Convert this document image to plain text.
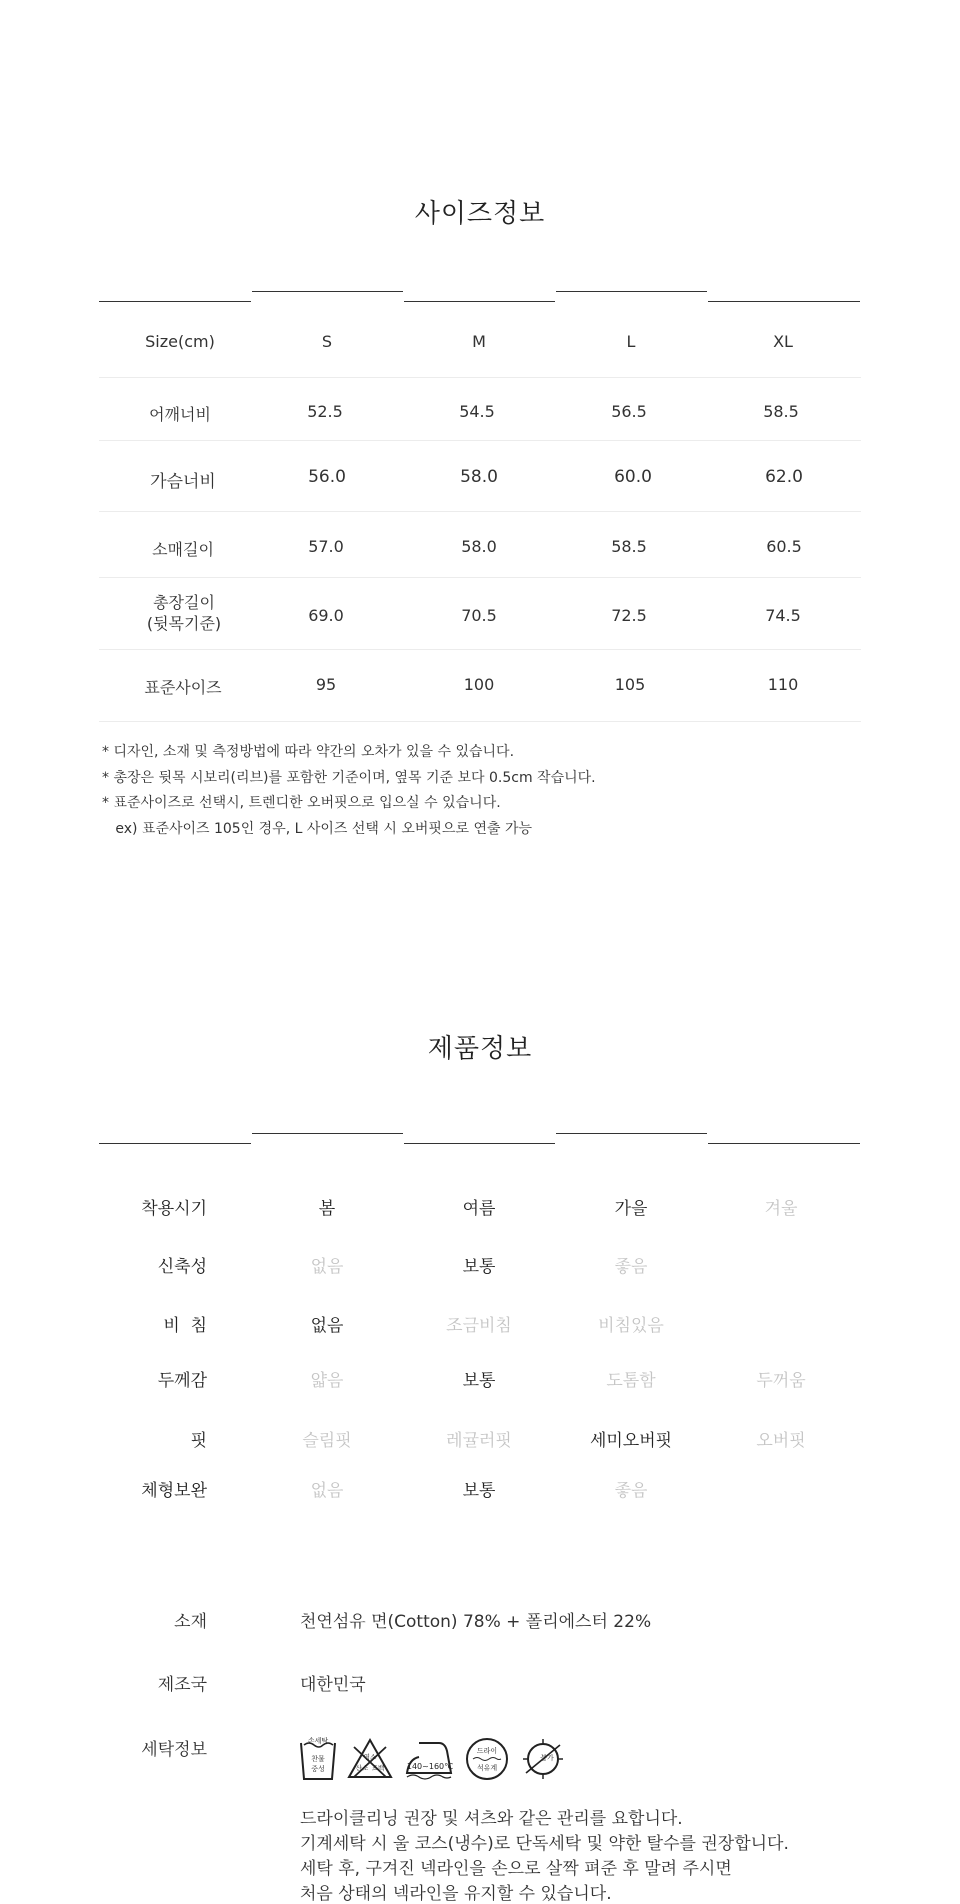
사이즈정보
Size(cm)	S	M	L	XL
어깨너비	52.5	54.5	56.5	58.5
가슴너비	56.0	58.0	60.0	62.0
소매길이	57.0	58.0	58.5	60.5
총장길이
(뒷목기준)	69.0	70.5	72.5	74.5
표준사이즈	95	100	105	110
* 디자인, 소재 및 측정방법에 따라 약간의 오차가 있을 수 있습니다.
* 총장은 뒷목 시보리(리브)를 포함한 기준이며, 옆목 기준 보다 0.5cm 작습니다.
* 표준사이즈로 선택시, 트렌디한 오버핏으로 입으실 수 있습니다.
ex) 표준사이즈 105인 경우, L 사이즈 선택 시 오버핏으로 연출 가능
제품정보
착용시기	봄	여름	가을	겨울
신축성	없음	보통	좋음
비  침	없음	조금비침	비침있음
두께감	얇음	보통	도톰함	두꺼움
핏	슬림핏	레귤러핏	세미오버핏	오버핏
체형보완	없음	보통	좋음
소재	천연섬유 면(Cotton) 78% + 폴리에스터 22%
제조국	대한민국
세탁정보	손세탁
찬물
중성
염소
산소 표백	140~160℃
드라이
석유계
불가
드라이클리닝 권장 및 셔츠와 같은 관리를 요합니다.
기계세탁 시 울 코스(냉수)로 단독세탁 및 약한 탈수를 권장합니다.
세탁 후, 구겨진 넥라인을 손으로 살짝 펴준 후 말려 주시면
처음 상태의 넥라인을 유지할 수 있습니다.
